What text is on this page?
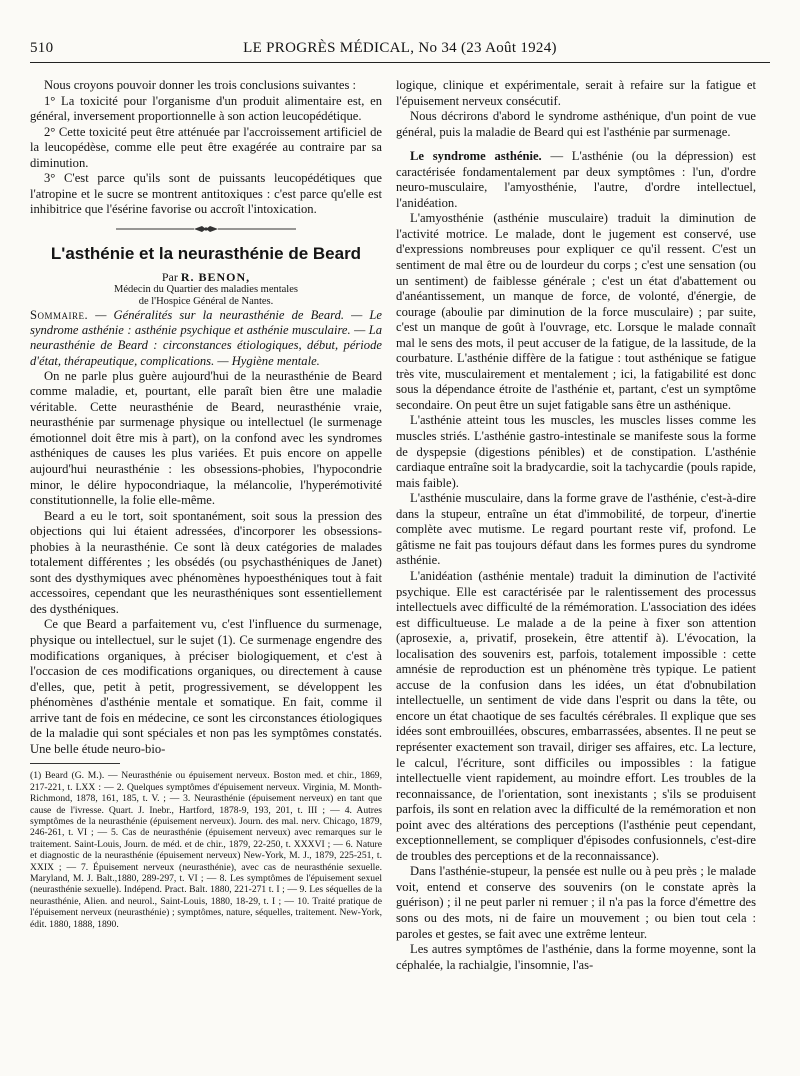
510	LE PROGRÈS MÉDICAL, No 34 (23 Août 1924)

Nous croyons pouvoir donner les trois conclusions suivantes :

1° La toxicité pour l'organisme d'un produit alimentaire est, en général, inversement proportionnelle à son action leucopédétique.

2° Cette toxicité peut être atténuée par l'accroissement artificiel de la leucopédèse, comme elle peut être exagérée au contraire par sa diminution.

3° C'est parce qu'ils sont de puissants leucopédétiques que l'atropine et le sucre se montrent antitoxiques : c'est parce qu'elle est inhibitrice que l'ésérine favorise ou accroît l'intoxication.

L'asthénie et la neurasthénie de Beard
Par R. BENON,
Médecin du Quartier des maladies mentales
de l'Hospice Général de Nantes.

Sommaire. — Généralités sur la neurasthénie de Beard. — Le syndrome asthénie : asthénie psychique et asthénie musculaire. — La neurasthénie de Beard : circonstances étiologiques, début, période d'état, thérapeutique, complications. — Hygiène mentale.

On ne parle plus guère aujourd'hui de la neurasthénie de Beard comme maladie, et, pourtant, elle paraît bien être une maladie véritable. Cette neurasthénie de Beard, neurasthénie vraie, neurasthénie par surmenage physique ou intellectuel (le surmenage émotionnel doit être mis à part), on la confond avec les syndromes asthéniques de causes les plus variées. Et puis encore on appelle aujourd'hui neurasthénie : les obsessions-phobies, l'hypocondrie minor, le délire hypocondriaque, la mélancolie, l'hyperémotivité constitutionnelle, la folie elle-même.

Beard a eu le tort, soit spontanément, soit sous la pression des objections qui lui étaient adressées, d'incorporer les obsessions-phobies à la neurasthénie. Ce sont là deux catégories de malades totalement différentes ; les obsédés (ou psychasthéniques de Janet) sont des dysthymiques avec phénomènes hypoesthéniques tout à fait accessoires, cependant que les neurasthéniques sont essentiellement des dysthéniques.

Ce que Beard a parfaitement vu, c'est l'influence du surmenage, physique ou intellectuel, sur le sujet (1). Ce surmenage engendre des modifications organiques, à préciser biologiquement, et c'est à l'occasion de ces modifications organiques, ou directement à cause d'elles, que, petit à petit, progressivement, se développent les phénomènes d'asthénie mentale et somatique. En fait, comme il arrive tant de fois en médecine, ce sont les circonstances étiologiques de la maladie qui sont spéciales et non pas les symptômes constatés. Une belle étude neuro-bio-

(1) Beard (G. M.). — Neurasthénie ou épuisement nerveux. Boston med. et chir., 1869, 217-221, t. LXX : — 2. Quelques symptômes d'épuisement nerveux. Virginia, M. Month-Richmond, 1878, 161, 185, t. V. ; — 3. Neurasthénie (épuisement nerveux) en tant que cause de l'ivresse. Quart. J. Inebr., Hartford, 1878-9, 193, 201, t. III ; — 4. Autres symptômes de la neurasthénie (épuisement nerveux). Journ. des mal. nerv. Chicago, 1879, 246-261, t. VI ; — 5. Cas de neurasthénie (épuisement nerveux) avec remarques sur le traitement. Saint-Louis, Journ. de méd. et de chir., 1879, 22-250, t. XXXVI ; — 6. Nature et diagnostic de la neurasthénie (épuisement nerveux) New-York, M. J., 1879, 225-251, t. XXIX ; — 7. Épuisement nerveux (neurasthénie), avec cas de neurasthénie sexuelle. Maryland, M. J. Balt.,1880, 289-297, t. VI ; — 8. Les symptômes de l'épuisement sexuel (neurasthénie sexuelle). Indépend. Pract. Balt. 1880, 221-271 t. I ; — 9. Les séquelles de la neurasthénie, Alien. and neurol., Saint-Louis, 1880, 18-29, t. I ; — 10. Traité pratique de l'épuisement nerveux (neurasthénie) ; symptômes, nature, séquelles, traitement. New-York, édit. 1880, 1888, 1890.

logique, clinique et expérimentale, serait à refaire sur la fatigue et l'épuisement nerveux consécutif.

Nous décrirons d'abord le syndrome asthénique, d'un point de vue général, puis la maladie de Beard qui est l'asthénie par surmenage.

Le syndrome asthénie. — L'asthénie (ou la dépression) est caractérisée fondamentalement par deux symptômes : l'un, d'ordre neuro-musculaire, l'amyosthénie, l'autre, d'ordre intellectuel, l'anidéation.

L'amyosthénie (asthénie musculaire) traduit la diminution de l'activité motrice. Le malade, dont le jugement est conservé, use d'expressions nombreuses pour expliquer ce qu'il ressent. C'est un sentiment de mal être ou de lourdeur du corps ; c'est une sensation (ou un sentiment) de faiblesse générale ; c'est un état d'abattement ou d'anéantissement, un manque de force, de volonté, d'énergie, de courage (aboulie par diminution de la force musculaire) ; par suite, c'est un manque de goût à l'ouvrage, etc. Lorsque le malade connaît mal le sens des mots, il peut accuser de la fatigue, de la lassitude, de la courbature. L'asthénie diffère de la fatigue : tout asthénique se fatigue très vite, musculairement et mentalement ; ici, la fatigabilité est donc sous la dépendance étroite de l'asthénie et, partant, c'est un symptôme secondaire. On peut être un sujet fatigable sans être un asthénique.

L'asthénie atteint tous les muscles, les muscles lisses comme les muscles striés. L'asthénie gastro-intestinale se manifeste sous la forme de dyspepsie (digestions pénibles) et de constipation. L'asthénie cardiaque entraîne soit la bradycardie, soit la tachycardie (pouls rapide, mais faible).

L'asthénie musculaire, dans la forme grave de l'asthénie, c'est-à-dire dans la stupeur, entraîne un état d'immobilité, de torpeur, d'inertie complète avec mutisme. Le regard pourtant reste vif, profond. Le gâtisme ne fait pas toujours défaut dans les formes pures du syndrome asthénie.

L'anidéation (asthénie mentale) traduit la diminution de l'activité psychique. Elle est caractérisée par le ralentissement des processus intellectuels avec difficulté de la rémémoration. L'association des idées est difficultueuse. Le malade a de la peine à fixer son attention (aprosexie, a, privatif, prosekein, être attentif à). L'évocation, la localisation des souvenirs est, parfois, totalement impossible : cette amnésie de reproduction est un phénomène très typique. Le patient accuse de la confusion dans les idées, un état d'obnubilation intellectuelle, un sentiment de vide dans l'esprit ou dans la tête, ou encore un état chaotique de ses facultés cérébrales. Il explique que ses idées sont embrouillées, obscures, embarrassées, absentes. Il ne peut se représenter exactement son travail, diriger ses affaires, etc. La lecture, le calcul, l'écriture, sont difficiles ou impossibles : la fatigue intellectuelle vient rapidement, au moindre effort. Les troubles de la reconnaissance, de l'orientation, sont inexistants ; s'ils se produisent parfois, ils sont en relation avec la difficulté de la remémoration et non point avec des altérations des perceptions (l'asthénie peut cependant, exceptionnellement, se compliquer d'épisodes confusionnels, c'est-dire de troubles des perceptions et de la reconnaissance).

Dans l'asthénie-stupeur, la pensée est nulle ou à peu près ; le malade voit, entend et conserve des souvenirs (on le constate après la guérison) ; il ne peut parler ni remuer ; il n'a pas la force d'émettre des sons ou des mots, ni de faire un mouvement ; ou bien tout cela : paroles et gestes, se fait avec une extrême lenteur.

Les autres symptômes de l'asthénie, dans la forme moyenne, sont la céphalée, la rachialgie, l'insomnie, l'as-
